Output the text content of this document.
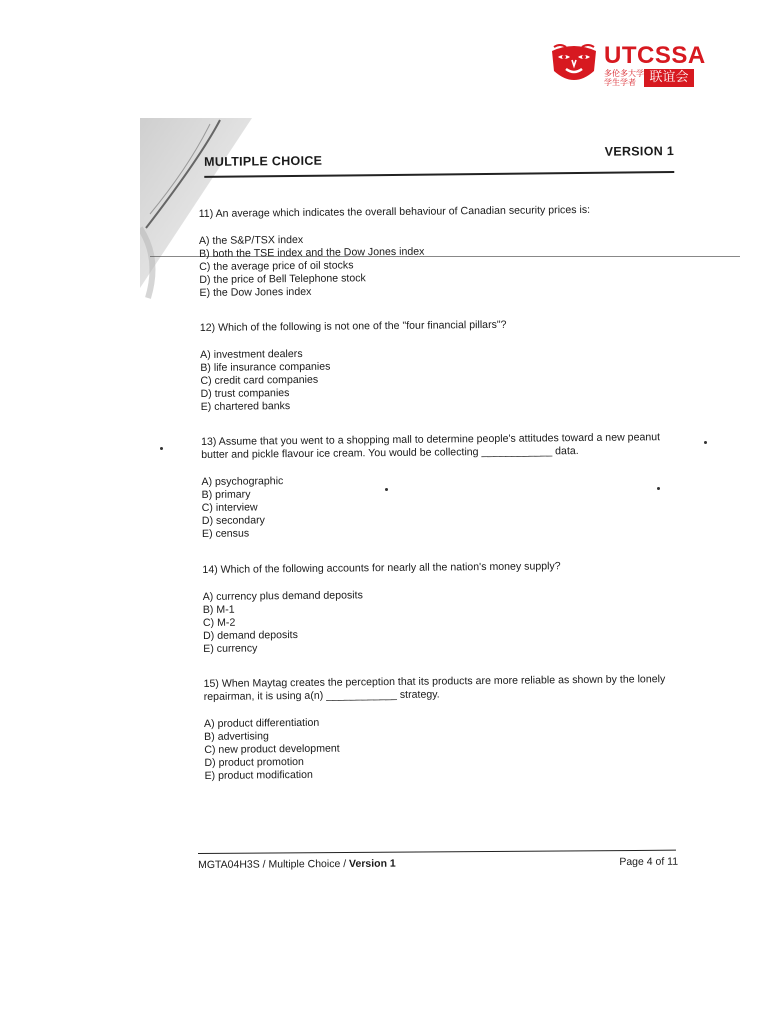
UTCSSA
多伦多大学
学生学者	联谊会
MULTIPLE CHOICE
VERSION 1

11) An average which indicates the overall behaviour of Canadian security prices is:

A) the S&P/TSX index

B) both the TSE index and the Dow Jones index

C) the average price of oil stocks

D) the price of Bell Telephone stock

E) the Dow Jones index

12) Which of the following is not one of the "four financial pillars"?

A) investment dealers

B) life insurance companies

C) credit card companies

D) trust companies

E) chartered banks

13) Assume that you went to a shopping mall to determine people's attitudes toward a new peanut butter and pickle flavour ice cream. You would be collecting ____________ data.

A) psychographic

B) primary

C) interview

D) secondary

E) census

14) Which of the following accounts for nearly all the nation's money supply?

A) currency plus demand deposits

B) M-1

C) M-2

D) demand deposits

E) currency

15) When Maytag creates the perception that its products are more reliable as shown by the lonely repairman, it is using a(n) ____________ strategy.

A) product differentiation

B) advertising

C) new product development

D) product promotion

E) product modification

MGTA04H3S / Multiple Choice / Version 1	Page 4 of 11
